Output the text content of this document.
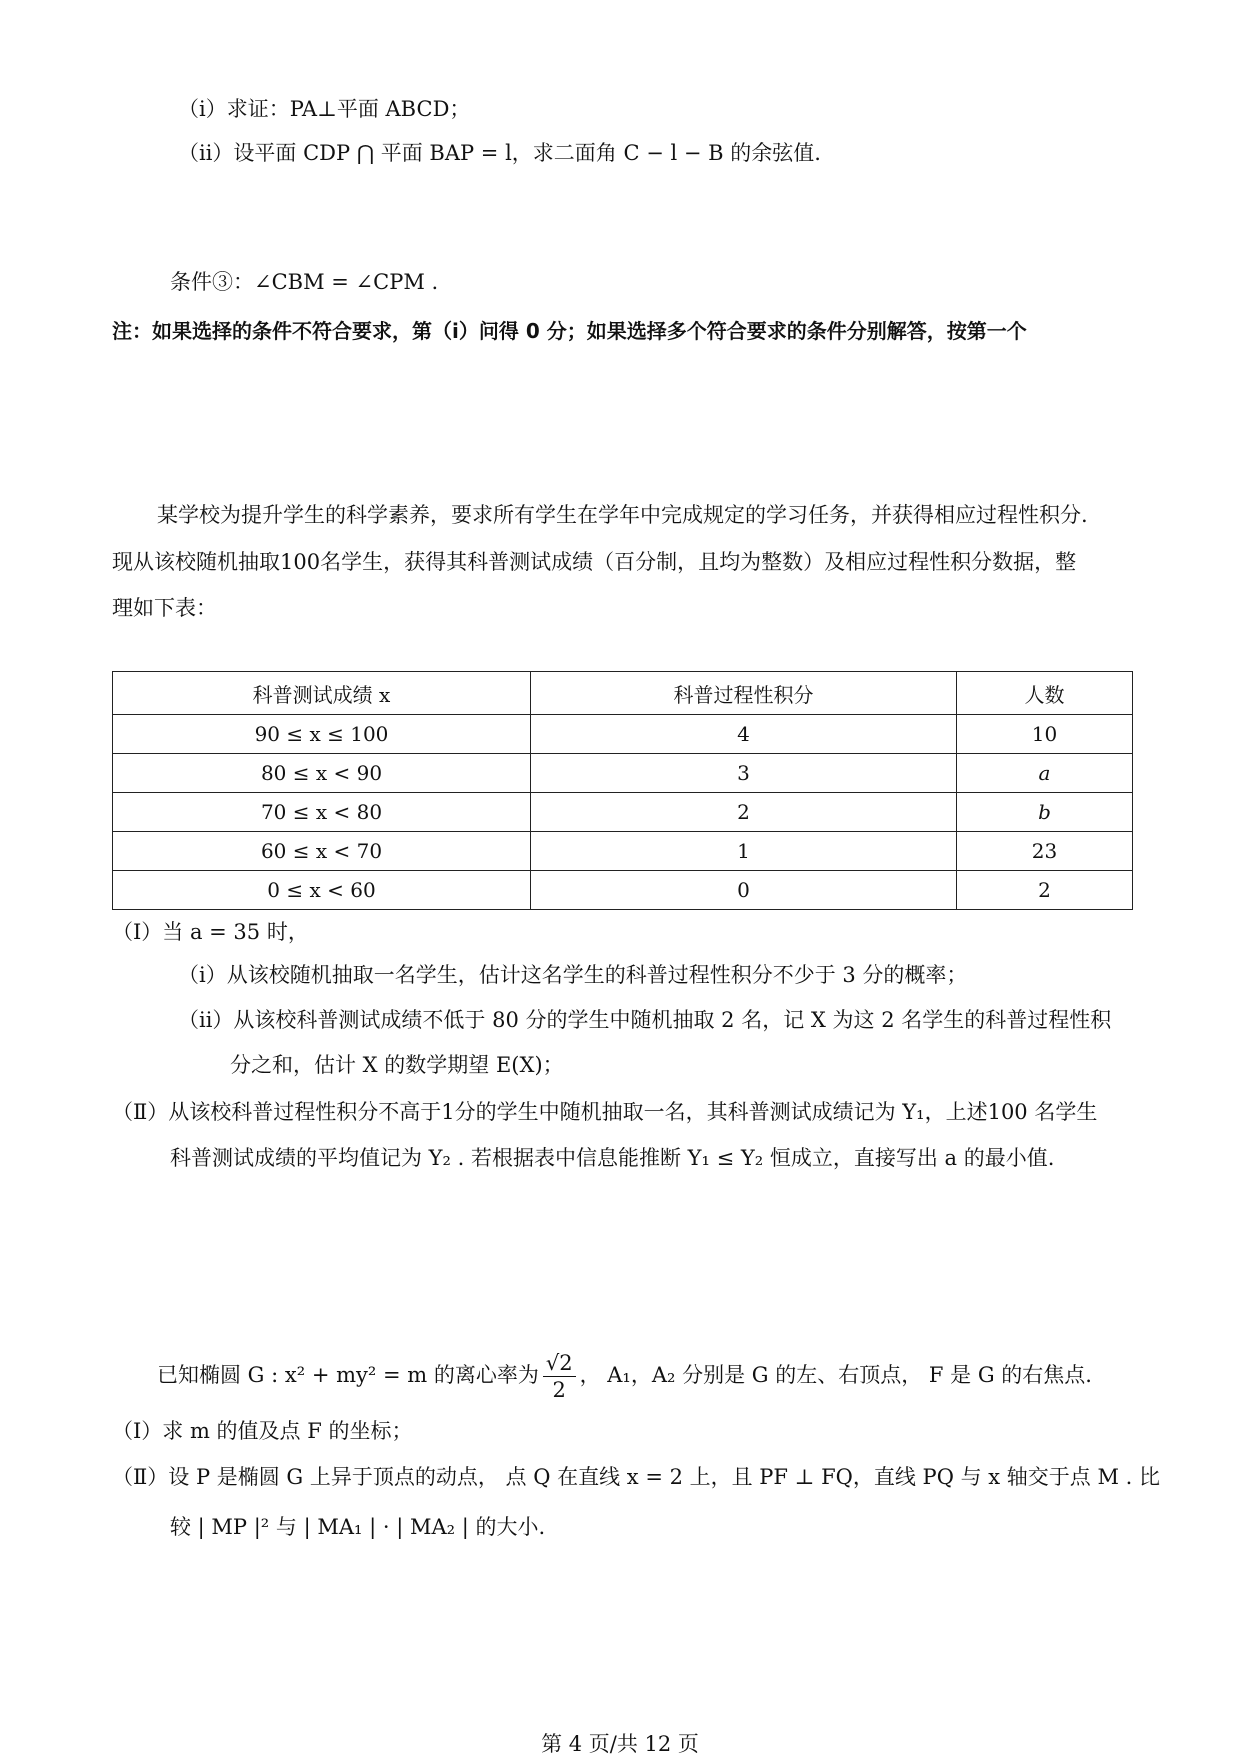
（ⅰ）求证：PA⊥平面 ABCD；
（ⅱ）设平面 CDP ⋂ 平面 BAP = l，求二面角 C − l − B 的余弦值.
条件③：∠CBM = ∠CPM .
注：如果选择的条件不符合要求，第（ⅰ）问得 0 分；如果选择多个符合要求的条件分别解答，按第一个
某学校为提升学生的科学素养，要求所有学生在学年中完成规定的学习任务，并获得相应过程性积分.
现从该校随机抽取100名学生，获得其科普测试成绩（百分制，且均为整数）及相应过程性积分数据，整
理如下表：
科普测试成绩 x	科普过程性积分	人数
90 ≤ x ≤ 100	4	10
80 ≤ x < 90	3	a
70 ≤ x < 80	2	b
60 ≤ x < 70	1	23
0 ≤ x < 60	0	2
（Ⅰ）当 a = 35 时，
（ⅰ）从该校随机抽取一名学生，估计这名学生的科普过程性积分不少于 3 分的概率；
（ⅱ）从该校科普测试成绩不低于 80 分的学生中随机抽取 2 名，记 X 为这 2 名学生的科普过程性积
分之和，估计 X 的数学期望 E(X)；
（Ⅱ）从该校科普过程性积分不高于1分的学生中随机抽取一名，其科普测试成绩记为 Y₁，上述100 名学生
科普测试成绩的平均值记为 Y₂ . 若根据表中信息能推断 Y₁ ≤ Y₂ 恒成立，直接写出 a 的最小值.
已知椭圆 G : x² + my² = m 的离心率为 $\frac{√2}{2}$ ， A₁，A₂ 分别是 G 的左、右顶点， F 是 G 的右焦点.
（Ⅰ）求 m 的值及点 F 的坐标；
（Ⅱ）设 P 是椭圆 G 上异于顶点的动点， 点 Q 在直线 x = 2 上，且 PF ⊥ FQ，直线 PQ 与 x 轴交于点 M . 比
较 | MP |² 与 | MA₁ | · | MA₂ | 的大小.
第 4 页/共 12 页
